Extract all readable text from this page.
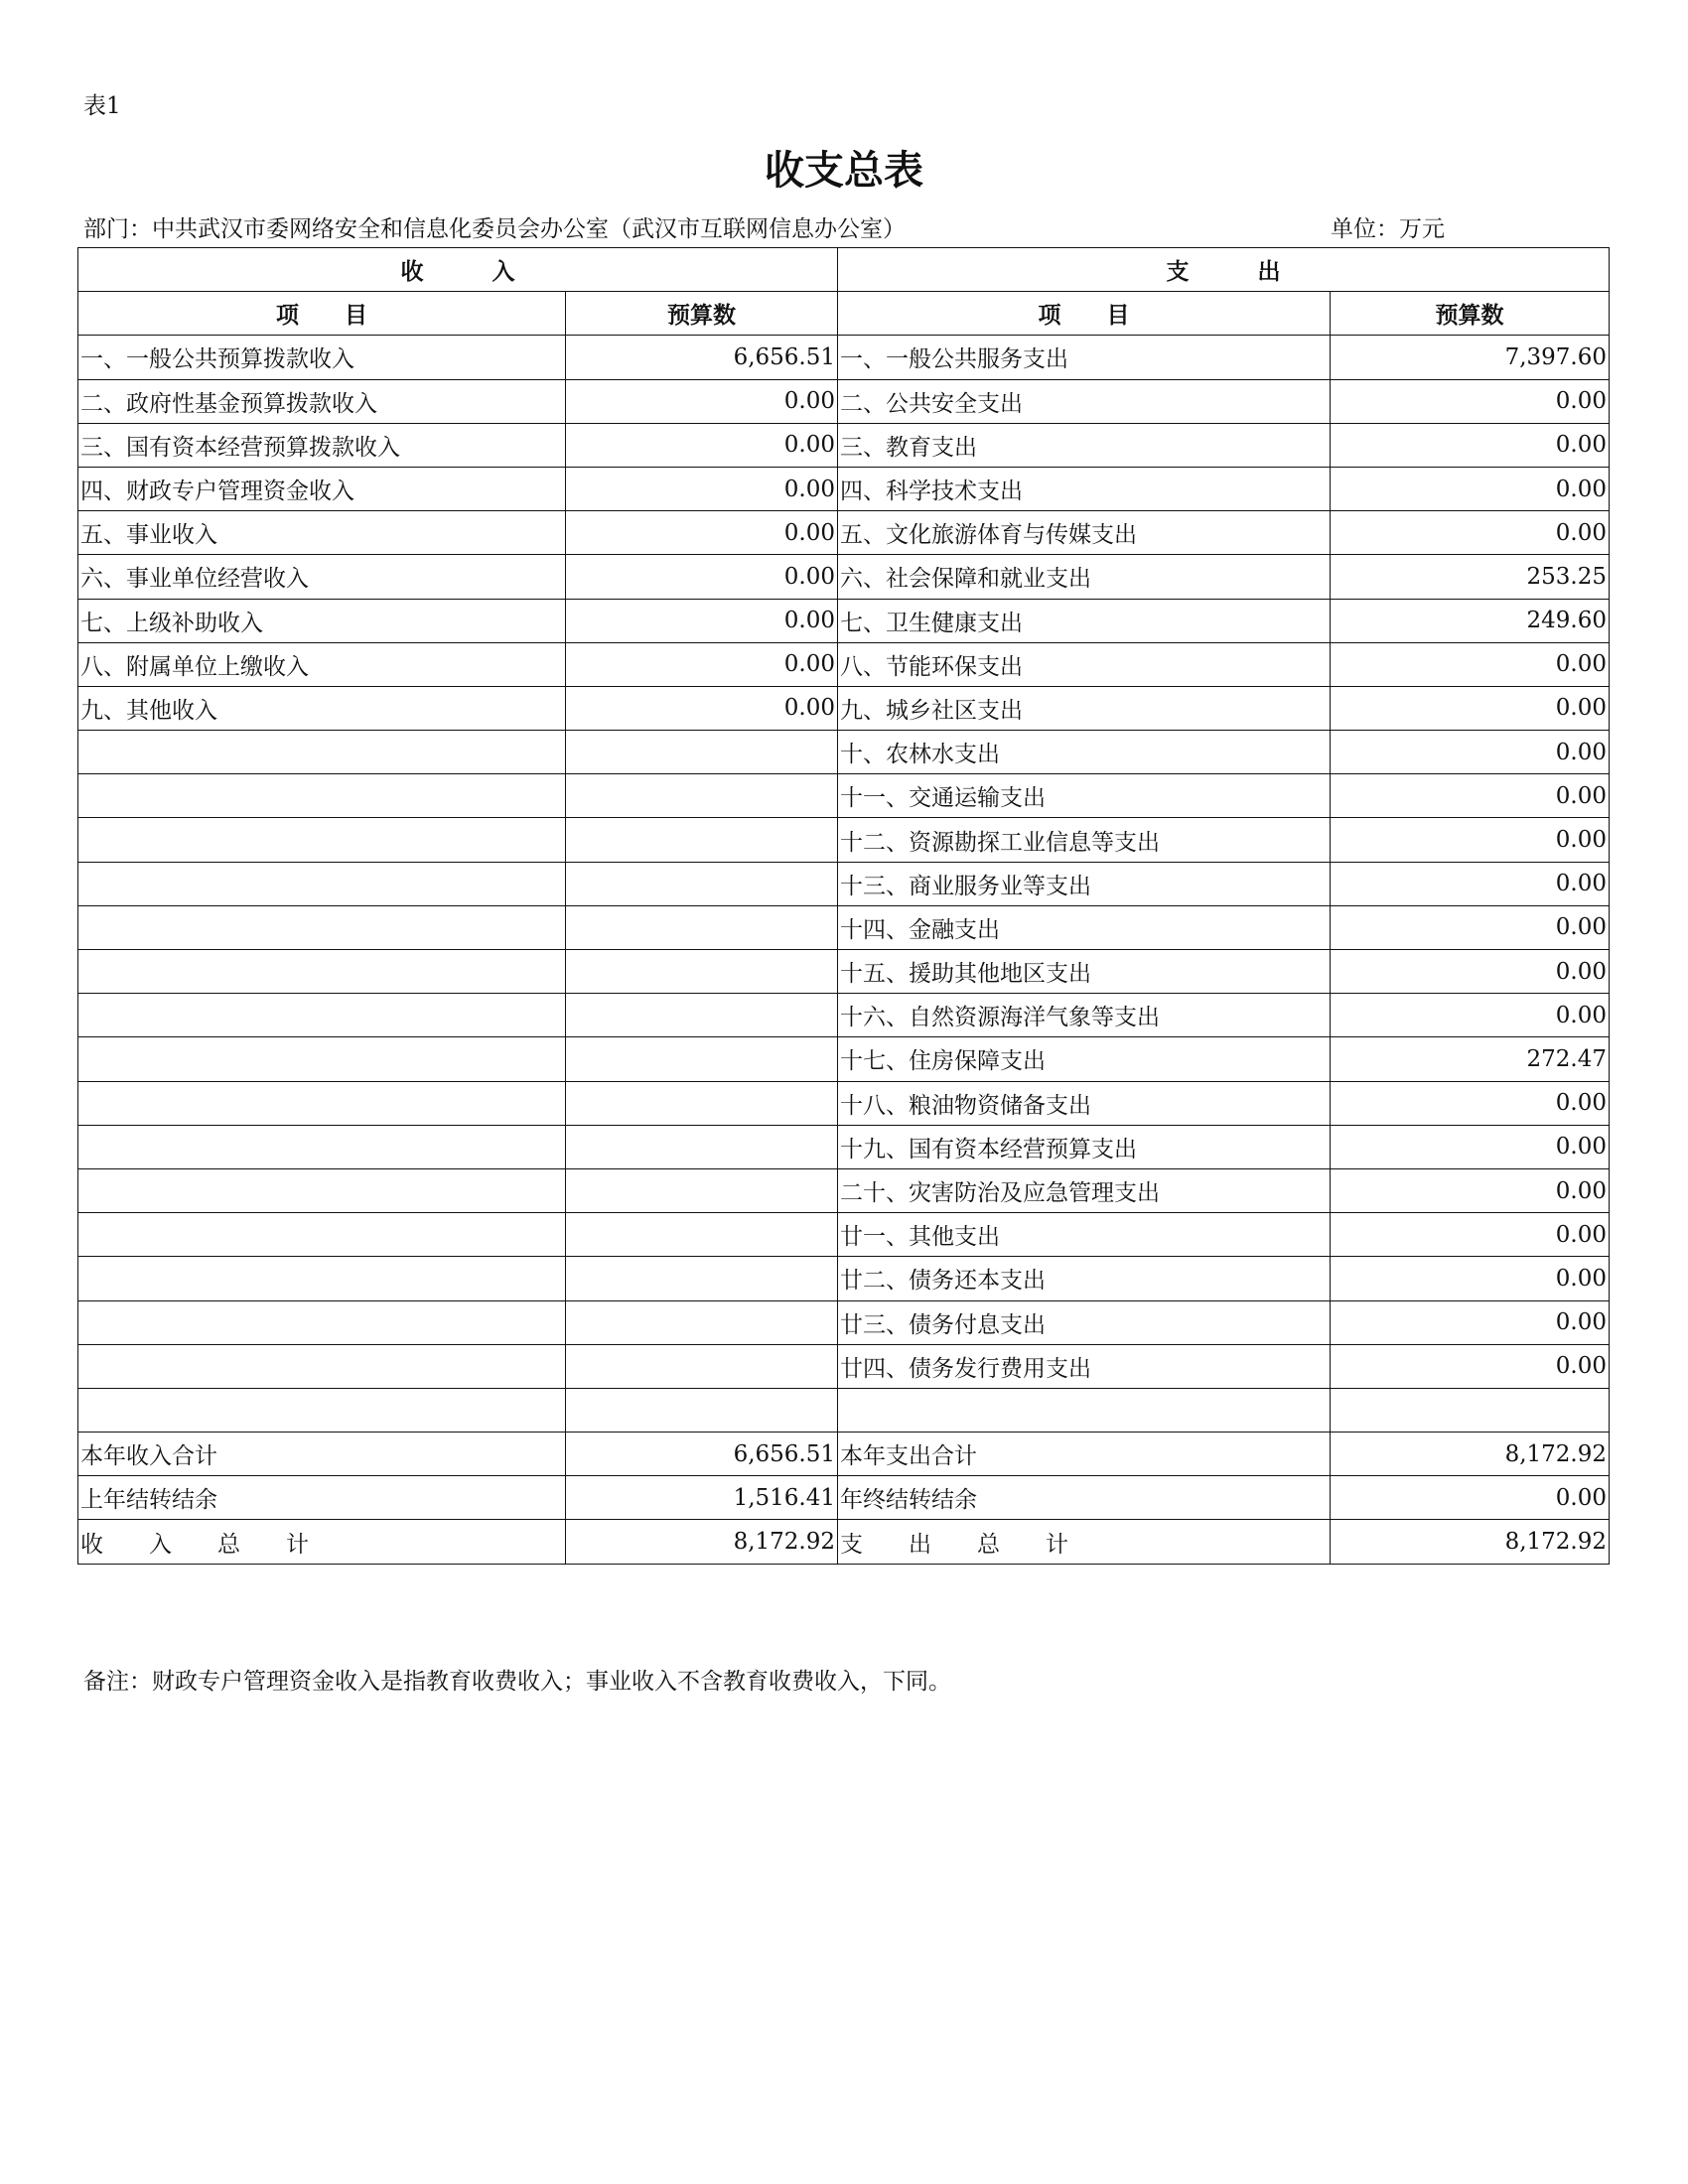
表1
收支总表
部门：中共武汉市委网络安全和信息化委员会办公室（武汉市互联网信息办公室）	单位：万元
收　　　入		支　　　出	
项　　目	预算数	项　　目	预算数
一、一般公共预算拨款收入	6,656.51	一、一般公共服务支出	7,397.60
二、政府性基金预算拨款收入	0.00	二、公共安全支出	0.00
三、国有资本经营预算拨款收入	0.00	三、教育支出	0.00
四、财政专户管理资金收入	0.00	四、科学技术支出	0.00
五、事业收入	0.00	五、文化旅游体育与传媒支出	0.00
六、事业单位经营收入	0.00	六、社会保障和就业支出	253.25
七、上级补助收入	0.00	七、卫生健康支出	249.60
八、附属单位上缴收入	0.00	八、节能环保支出	0.00
九、其他收入	0.00	九、城乡社区支出	0.00
		十、农林水支出	0.00
		十一、交通运输支出	0.00
		十二、资源勘探工业信息等支出	0.00
		十三、商业服务业等支出	0.00
		十四、金融支出	0.00
		十五、援助其他地区支出	0.00
		十六、自然资源海洋气象等支出	0.00
		十七、住房保障支出	272.47
		十八、粮油物资储备支出	0.00
		十九、国有资本经营预算支出	0.00
		二十、灾害防治及应急管理支出	0.00
		廿一、其他支出	0.00
		廿二、债务还本支出	0.00
		廿三、债务付息支出	0.00
		廿四、债务发行费用支出	0.00

本年收入合计	6,656.51	本年支出合计	8,172.92
上年结转结余	1,516.41	年终结转结余	0.00
收　　入　　总　　计	8,172.92	支　　出　　总　　计	8,172.92
备注：财政专户管理资金收入是指教育收费收入；事业收入不含教育收费收入，下同。
